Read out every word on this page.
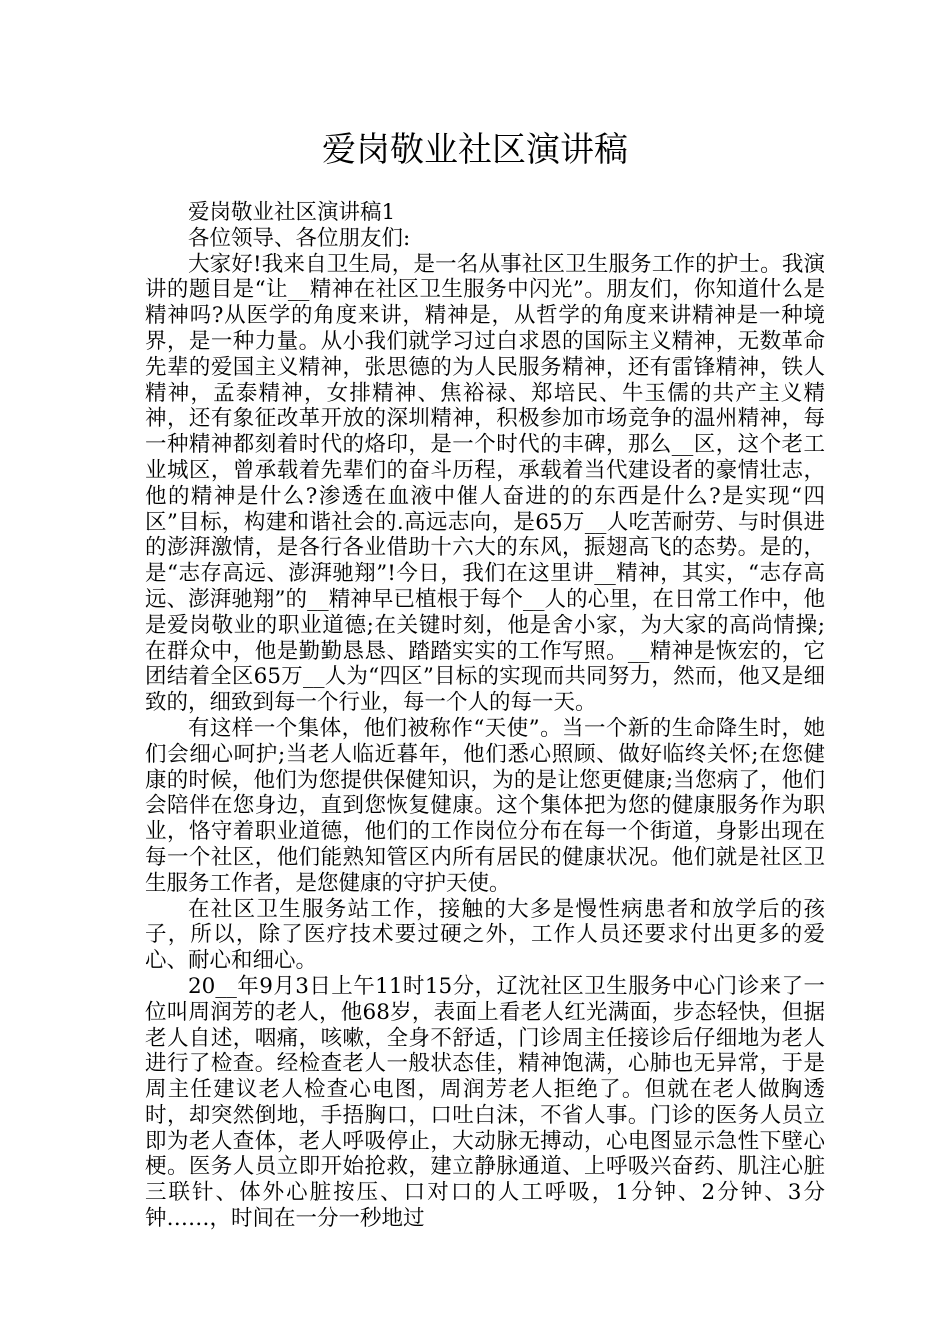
爱岗敬业社区演讲稿

爱岗敬业社区演讲稿1

各位领导、各位朋友们:

大家好!我来自卫生局，是一名从事社区卫生服务工作的护士。我演讲的题目是“让__精神在社区卫生服务中闪光”。朋友们，你知道什么是精神吗?从医学的角度来讲，精神是，从哲学的角度来讲精神是一种境界，是一种力量。从小我们就学习过白求恩的国际主义精神，无数革命先辈的爱国主义精神，张思德的为人民服务精神，还有雷锋精神，铁人精神，孟泰精神，女排精神、焦裕禄、郑培民、牛玉儒的共产主义精神，还有象征改革开放的深圳精神，积极参加市场竞争的温州精神，每一种精神都刻着时代的烙印，是一个时代的丰碑，那么__区，这个老工业城区，曾承载着先辈们的奋斗历程，承载着当代建设者的豪情壮志，他的精神是什么?渗透在血液中催人奋进的的东西是什么?是实现“四区”目标，构建和谐社会的.高远志向，是65万__人吃苦耐劳、与时俱进的澎湃激情，是各行各业借助十六大的东风，振翅高飞的态势。是的，是“志存高远、澎湃驰翔”!今日，我们在这里讲__精神，其实，“志存高远、澎湃驰翔”的__精神早已植根于每个__人的心里，在日常工作中，他是爱岗敬业的职业道德;在关键时刻，他是舍小家，为大家的高尚情操;在群众中，他是勤勤恳恳、踏踏实实的工作写照。__精神是恢宏的，它团结着全区65万__人为“四区”目标的实现而共同努力，然而，他又是细致的，细致到每一个行业，每一个人的每一天。

有这样一个集体，他们被称作“天使”。当一个新的生命降生时，她们会细心呵护;当老人临近暮年，他们悉心照顾、做好临终关怀;在您健康的时候，他们为您提供保健知识，为的是让您更健康;当您病了，他们会陪伴在您身边，直到您恢复健康。这个集体把为您的健康服务作为职业，恪守着职业道德，他们的工作岗位分布在每一个街道，身影出现在每一个社区，他们能熟知管区内所有居民的健康状况。他们就是社区卫生服务工作者，是您健康的守护天使。

在社区卫生服务站工作，接触的大多是慢性病患者和放学后的孩子，所以，除了医疗技术要过硬之外，工作人员还要求付出更多的爱心、耐心和细心。

20__年9月3日上午11时15分，辽沈社区卫生服务中心门诊来了一位叫周润芳的老人，他68岁，表面上看老人红光满面，步态轻快，但据老人自述，咽痛，咳嗽，全身不舒适，门诊周主任接诊后仔细地为老人进行了检查。经检查老人一般状态佳，精神饱满，心肺也无异常，于是周主任建议老人检查心电图，周润芳老人拒绝了。但就在老人做胸透时，却突然倒地，手捂胸口，口吐白沫，不省人事。门诊的医务人员立即为老人查体，老人呼吸停止，大动脉无搏动，心电图显示急性下壁心梗。医务人员立即开始抢救，建立静脉通道、上呼吸兴奋药、肌注心脏三联针、体外心脏按压、口对口的人工呼吸，1分钟、2分钟、3分钟……，时间在一分一秒地过
